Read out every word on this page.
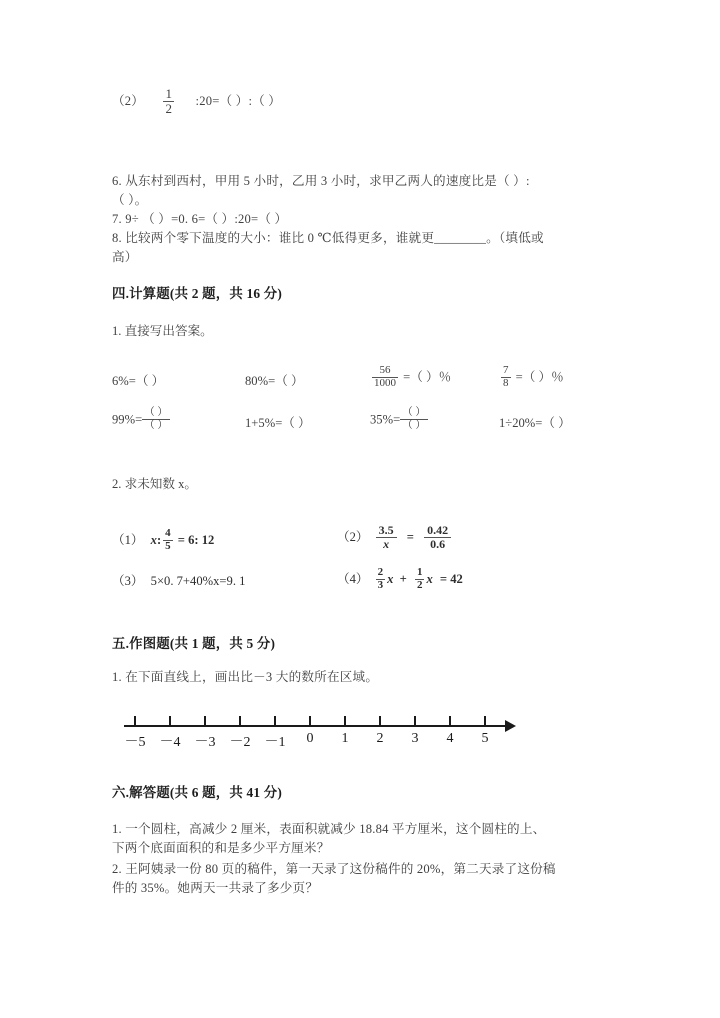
$(2) \frac{1}{2}$ :20=（ ）:（ ）
6. 从东村到西村，甲用 5 小时，乙用 3 小时，求甲乙两人的速度比是（ ）:
（ ）。
7. 9÷ （ ）=0. 6=（ ）:20=（ ）
8. 比较两个零下温度的大小：谁比 0 ℃低得更多，谁就更________。（填低或
高）
四.计算题(共 2 题，共 16 分)
1. 直接写出答案。
6%=（ ）	80%=（ ）	$\frac{56}{1000}$ =（ ）％	$\frac{7}{8}$ =（ ）％
$99\%= \frac{( )}{( )}$	1+5%=（ ）	$35\%= \frac{( )}{( )}$	1÷20%=（ ）
2. 求未知数 x。
（1） x: $\frac{4}{5} = 6$: 12	$(2) \frac{3.5}{x} = \frac{0.42}{0.6}$
（3） 5×0. 7+40%x=9. 1	$(4) \frac{2}{3}$ $x + \frac{1}{2}$ x = 42
五.作图题(共 1 题，共 5 分)
1. 在下面直线上，画出比－3 大的数所在区域。
－5 －4 －3 －2 －1 0 1 2 3 4 5
六.解答题(共 6 题，共 41 分)
1. 一个圆柱，高减少 2 厘米，表面积就减少 18.84 平方厘米，这个圆柱的上、
下两个底面面积的和是多少平方厘米？
2. 王阿姨录一份 80 页的稿件，第一天录了这份稿件的 20%，第二天录了这份稿
件的 35%。她两天一共录了多少页？
